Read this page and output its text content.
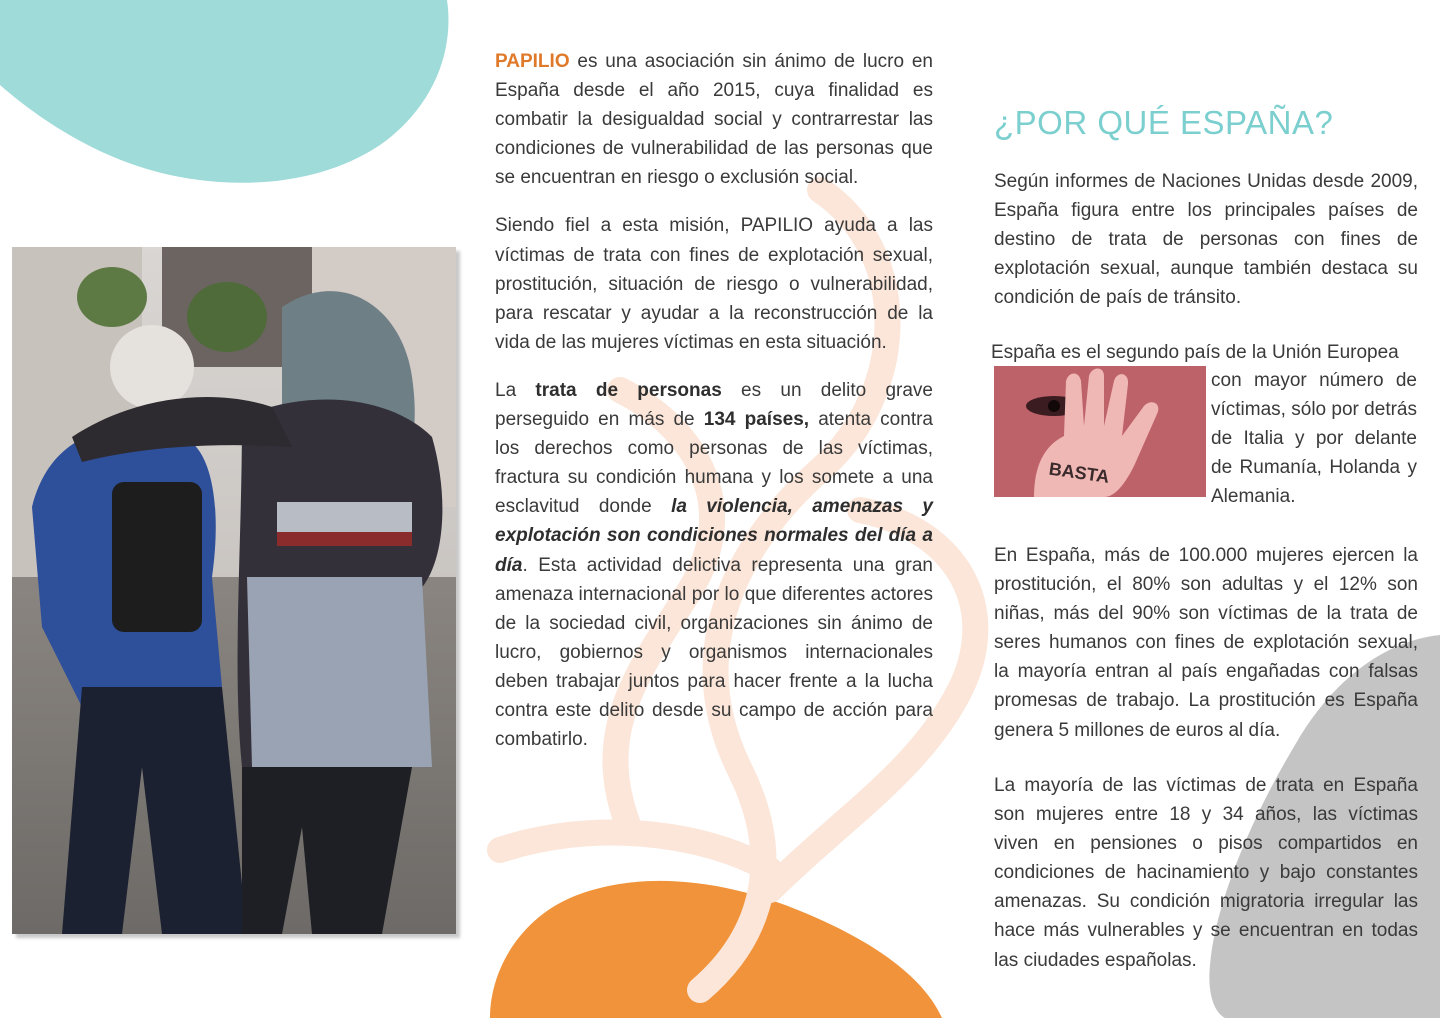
PAPILIO es una asociación sin ánimo de lucro en España desde el año 2015, cuya finalidad es combatir la desigualdad social y contrarrestar las condiciones de vulnerabilidad de las personas que se encuentran en riesgo o exclusión social.

Siendo fiel a esta misión, PAPILIO ayuda a las víctimas de trata con fines de explotación sexual, prostitución, situación de riesgo o vulnerabilidad, para rescatar y ayudar a la reconstrucción de la vida de las mujeres víctimas en esta situación.

La trata de personas es un delito grave perseguido en más de 134 países, atenta contra los derechos como personas de las víctimas, fractura su condición humana y los somete a una esclavitud donde la violencia, amenazas y explotación son condiciones normales del día a día. Esta actividad delictiva representa una gran amenaza internacional por lo que diferentes actores de la sociedad civil, organizaciones sin ánimo de lucro, gobiernos y organismos internacionales deben trabajar juntos para hacer frente a la lucha contra este delito desde su campo de acción para combatirlo.

¿POR QUÉ ESPAÑA?

Según informes de Naciones Unidas desde 2009, España figura entre los principales países de destino de trata de personas con fines de explotación sexual, aunque también destaca su condición de país de tránsito.

España es el segundo país de la Unión Europea

BASTA

con mayor número de víctimas, sólo por detrás de Italia y por delante de Rumanía, Holanda y Alemania.

En España, más de 100.000 mujeres ejercen la prostitución, el 80% son adultas y el 12% son niñas, más del 90% son víctimas de la trata de seres humanos con fines de explotación sexual, la mayoría entran al país engañadas con falsas promesas de trabajo. La prostitución es España genera 5 millones de euros al día.

La mayoría de las víctimas de trata en España son mujeres entre 18 y 34 años, las víctimas viven en pensiones o pisos compartidos en condiciones de hacinamiento y bajo constantes amenazas. Su condición migratoria irregular las hace más vulnerables y se encuentran en todas las ciudades españolas.
